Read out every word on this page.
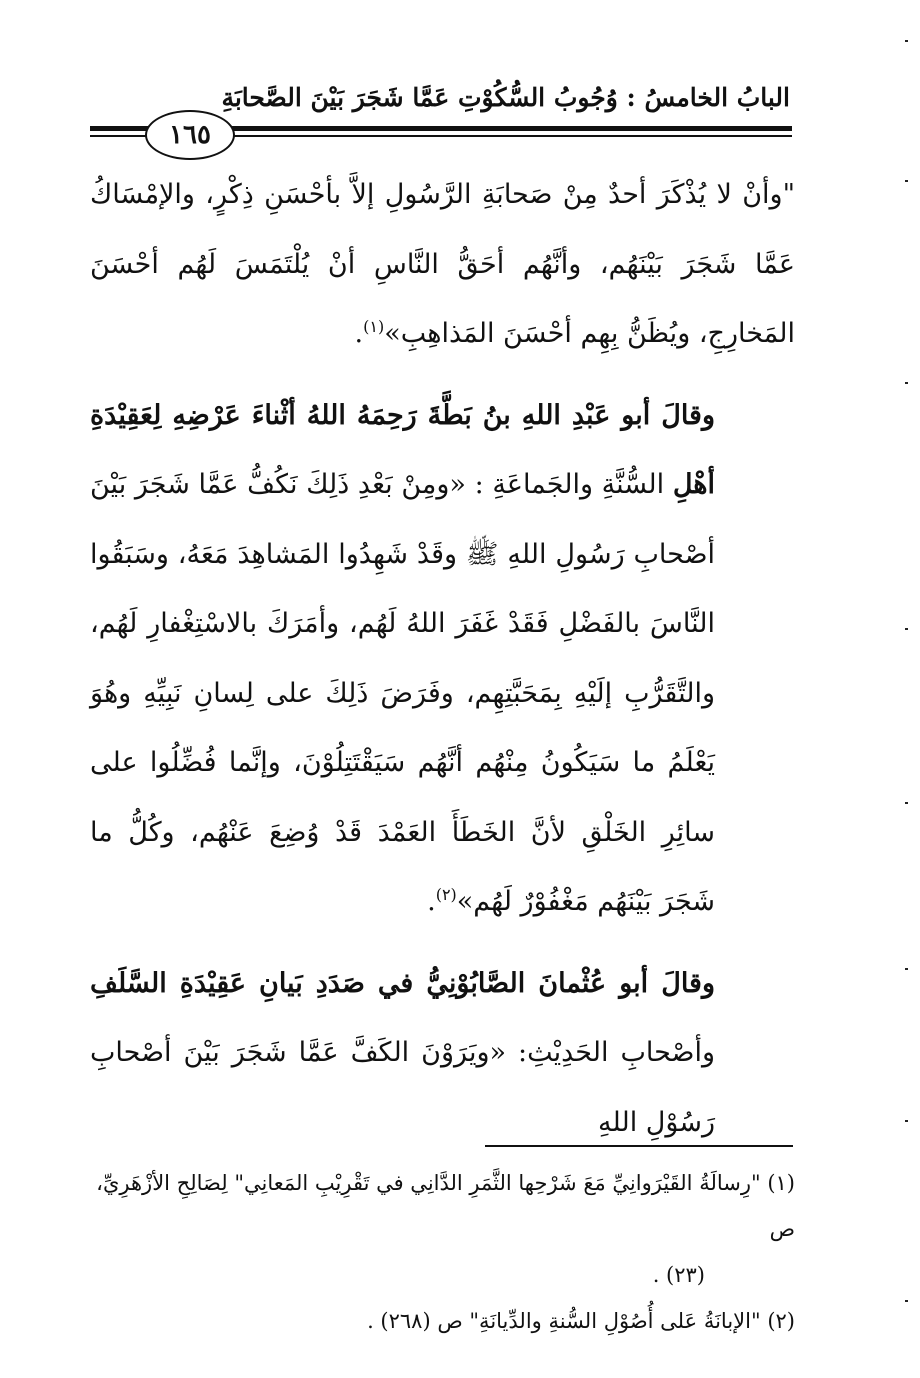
البابُ الخامسُ : وُجُوبُ السُّكُوْتِ عَمَّا شَجَرَ بَيْنَ الصَّحابَةِ
١٦٥

"وأنْ لا يُذْكَرَ أحدٌ مِنْ صَحابَةِ الرَّسُولِ إلاَّ بأحْسَنِ ذِكْرٍ، والإمْسَاكُ عَمَّا شَجَرَ بَيْنَهُم، وأنَّهُم أحَقُّ النَّاسِ أنْ يُلْتَمَسَ لَهُم أحْسَنَ المَخارِجِ، ويُظَنُّ بِهِم أحْسَنَ المَذاهِبِ»$^{(١)}$.

وقالَ أبو عَبْدِ اللهِ بنُ بَطَّةَ رَحِمَهُ اللهُ أثْناءَ عَرْضِهِ لِعَقِيْدَةِ أهْلِ السُّنَّةِ والجَماعَةِ : «ومِنْ بَعْدِ ذَلِكَ نَكُفُّ عَمَّا شَجَرَ بَيْنَ أصْحابِ رَسُولِ اللهِ ﷺ وقَدْ شَهِدُوا المَشاهِدَ مَعَهُ، وسَبَقُوا النَّاسَ بالفَضْلِ فَقَدْ غَفَرَ اللهُ لَهُم، وأمَرَكَ بالاسْتِغْفارِ لَهُم، والتَّقَرُّبِ إلَيْهِ بِمَحَبَّتِهِم، وفَرَضَ ذَلِكَ على لِسانِ نَبِيِّهِ وهُوَ يَعْلَمُ ما سَيَكُونُ مِنْهُم أنَّهُم سَيَقْتَتِلُوْنَ، وإنَّما فُضِّلُوا على سائِرِ الخَلْقِ لأنَّ الخَطَأَ العَمْدَ قَدْ وُضِعَ عَنْهُم، وكُلُّ ما شَجَرَ بَيْنَهُم مَغْفُوْرٌ لَهُم»$^{(٢)}$.

وقالَ أبو عُثْمانَ الصَّابُوْنِيُّ في صَدَدِ بَيانِ عَقِيْدَةِ السَّلَفِ وأصْحابِ الحَدِيْثِ: «ويَرَوْنَ الكَفَّ عَمَّا شَجَرَ بَيْنَ أصْحابِ رَسُوْلِ اللهِ

(١) "رِسالَةُ القَيْرَوانِيِّ مَعَ شَرْحِها الثَّمَرِ الدَّانِي في تَقْرِيْبِ المَعانِي" لِصَالِحِ الأزْهَرِيِّ، ص

(٢٣) .

(٢) "الإبانَةُ عَلى أُصُوْلِ السُّنةِ والدِّيانَةِ" ص (٢٦٨) .
